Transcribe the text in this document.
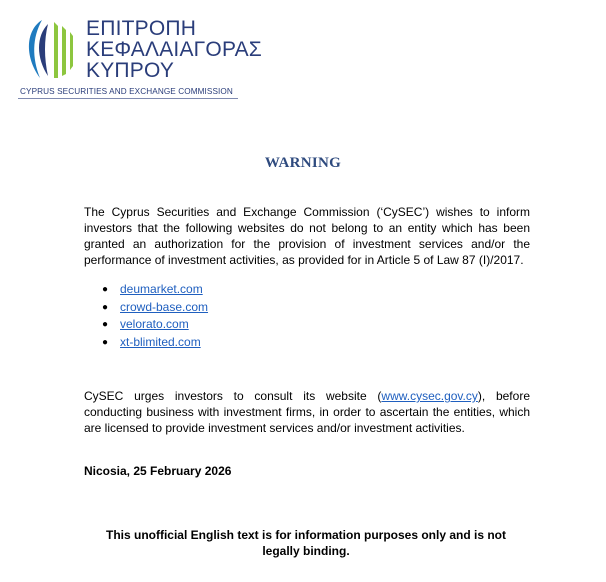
ΕΠΙΤΡΟΠΗ
ΚΕΦΑΛΑΙΑΓΟΡΑΣ
ΚΥΠΡΟΥ
CYPRUS SECURITIES AND EXCHANGE COMMISSION
WARNING

The Cyprus Securities and Exchange Commission (‘CySEC’) wishes to inform investors that the following websites do not belong to an entity which has been granted an authorization for the provision of investment services and/or the performance of investment activities, as provided for in Article 5 of Law 87 (I)/2017.

● deumarket.com
● crowd-base.com
● velorato.com
● xt-blimited.com

CySEC urges investors to consult its website (www.cysec.gov.cy), before conducting business with investment firms, in order to ascertain the entities, which are licensed to provide investment services and/or investment activities.

Nicosia, 25 February 2026
This unofficial English text is for information purposes only and is not legally binding.
